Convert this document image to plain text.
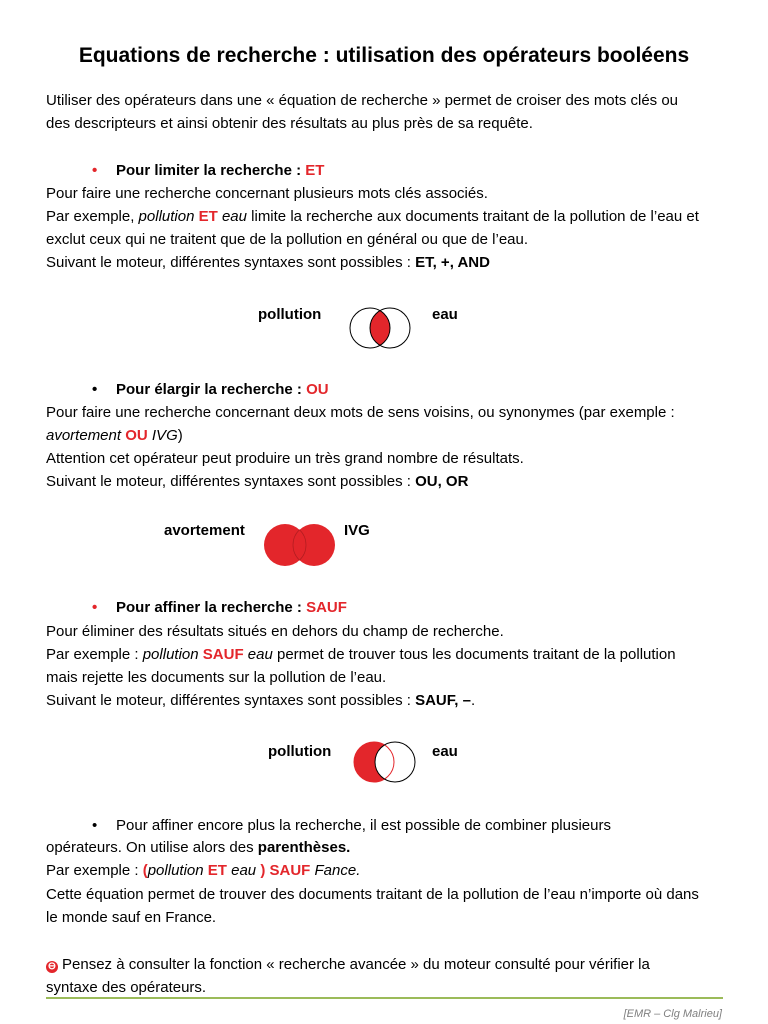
Equations de recherche : utilisation des opérateurs booléens
Utiliser des opérateurs dans une « équation de recherche » permet de croiser des mots clés ou
des descripteurs et ainsi obtenir des résultats au plus près de sa requête.
• Pour limiter la recherche : ET
Pour faire une recherche concernant plusieurs mots clés associés.
Par exemple, pollution ET eau limite la recherche aux documents traitant de la pollution de l’eau et
exclut ceux qui ne traitent que de la pollution en général ou que de l’eau.
Suivant le moteur, différentes syntaxes sont possibles : ET, +, AND
pollution	eau
• Pour élargir la recherche : OU
Pour faire une recherche concernant deux mots de sens voisins, ou synonymes (par exemple :
avortement OU IVG)
Attention cet opérateur peut produire un très grand nombre de résultats.
Suivant le moteur, différentes syntaxes sont possibles : OU, OR
avortement	IVG
• Pour affiner la recherche : SAUF
Pour éliminer des résultats situés en dehors du champ de recherche.
Par exemple : pollution SAUF eau permet de trouver tous les documents traitant de la pollution
mais rejette les documents sur la pollution de l’eau.
Suivant le moteur, différentes syntaxes sont possibles : SAUF, –.
pollution	eau
• Pour affiner encore plus la recherche, il est possible de combiner plusieurs
opérateurs. On utilise alors des parenthèses.
Par exemple : (pollution ET eau ) SAUF Fance.
Cette équation permet de trouver des documents traitant de la pollution de l’eau n’importe où dans
le monde sauf en France.
⊖ Pensez à consulter la fonction « recherche avancée » du moteur consulté pour vérifier la
syntaxe des opérateurs.
[EMR – Clg Malrieu]
